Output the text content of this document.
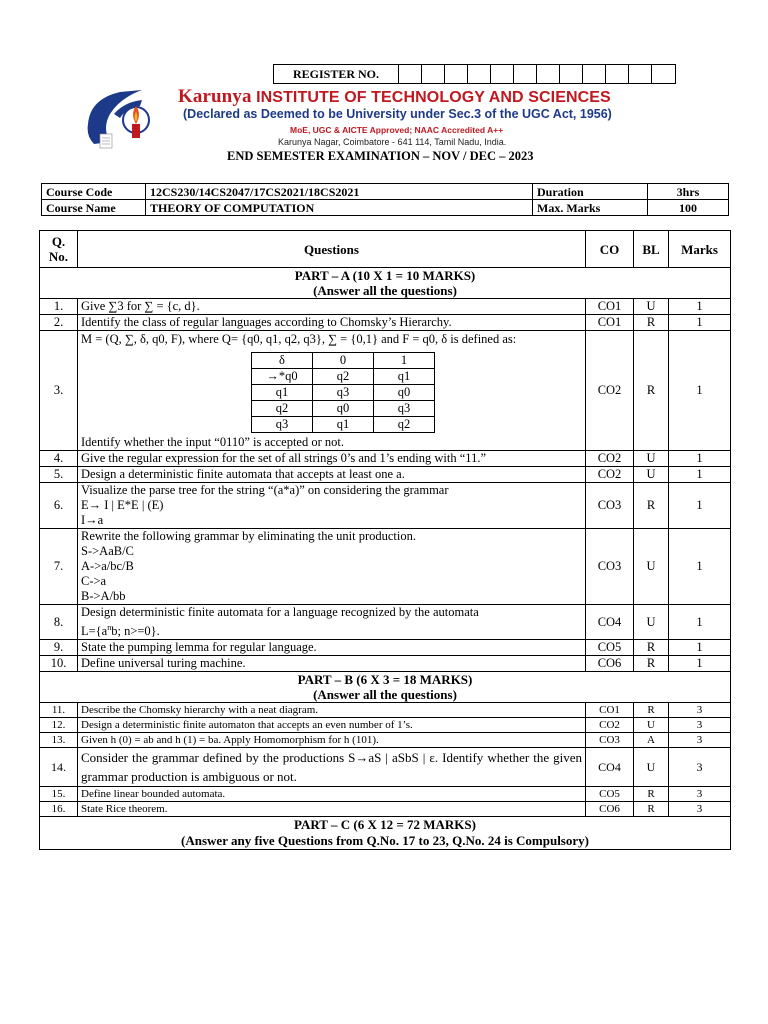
REGISTER NO.
Karunya INSTITUTE OF TECHNOLOGY AND SCIENCES
(Declared as Deemed to be University under Sec.3 of the UGC Act, 1956)
MoE, UGC & AICTE Approved; NAAC Accredited A++
Karunya Nagar, Coimbatore - 641 114, Tamil Nadu, India.
END SEMESTER EXAMINATION – NOV / DEC – 2023
Course Code	12CS230/14CS2047/17CS2021/18CS2021	Duration	3hrs
Course Name	THEORY OF COMPUTATION	Max. Marks	100
Q. No.	Questions	CO	BL	Marks

PART – A (10 X 1 = 10 MARKS)
(Answer all the questions)

1.	Give ∑3 for ∑ = {c, d}.	CO1	U	1
2.	Identify the class of regular languages according to Chomsky’s Hierarchy.	CO1	R	1
3.	
M = (Q, ∑, δ, q0, F), where Q= {q0, q1, q2, q3}, ∑ = {0,1} and F = q0, δ is defined as:
δ	0	1
→*q0	q2	q1
q1	q3	q0
q2	q0	q3
q3	q1	q2
Identify whether the input “0110” is accepted or not.
	CO2	R	1
4.	Give the regular expression for the set of all strings 0’s and 1’s ending with “11.”	CO2	U	1
5.	Design a deterministic finite automata that accepts at least one a.	CO2	U	1
6.	
Visualize the parse tree for the string “(a*a)” on considering the grammar
E→ I | E*E | (E)
I→a
	CO3	R	1
7.	
Rewrite the following grammar by eliminating the unit production.
S->AaB/C
A->a/bc/B
C->a
B->A/bb
	CO3	U	1
8.	
Design deterministic finite automata for a language recognized by the automata
$L=\{a^nb$; n>=0}.
	CO4	U	1
9.	State the pumping lemma for regular language.	CO5	R	1
10.	Define universal turing machine.	CO6	R	1

PART – B (6 X 3 = 18 MARKS)
(Answer all the questions)

11.	Describe the Chomsky hierarchy with a neat diagram.	CO1	R	3
12.	Design a deterministic finite automaton that accepts an even number of 1’s.	CO2	U	3
13.	Given h (0) = ab and h (1) = ba. Apply Homomorphism for h (101).	CO3	A	3
14.	Consider the grammar defined by the productions S→aS | aSbS | ε. Identify whether the given grammar production is ambiguous or not.	CO4	U	3
15.	Define linear bounded automata.	CO5	R	3
16.	State Rice theorem.	CO6	R	3

PART – C (6 X 12 = 72 MARKS)
(Answer any five Questions from Q.No. 17 to 23, Q.No. 24 is Compulsory)
